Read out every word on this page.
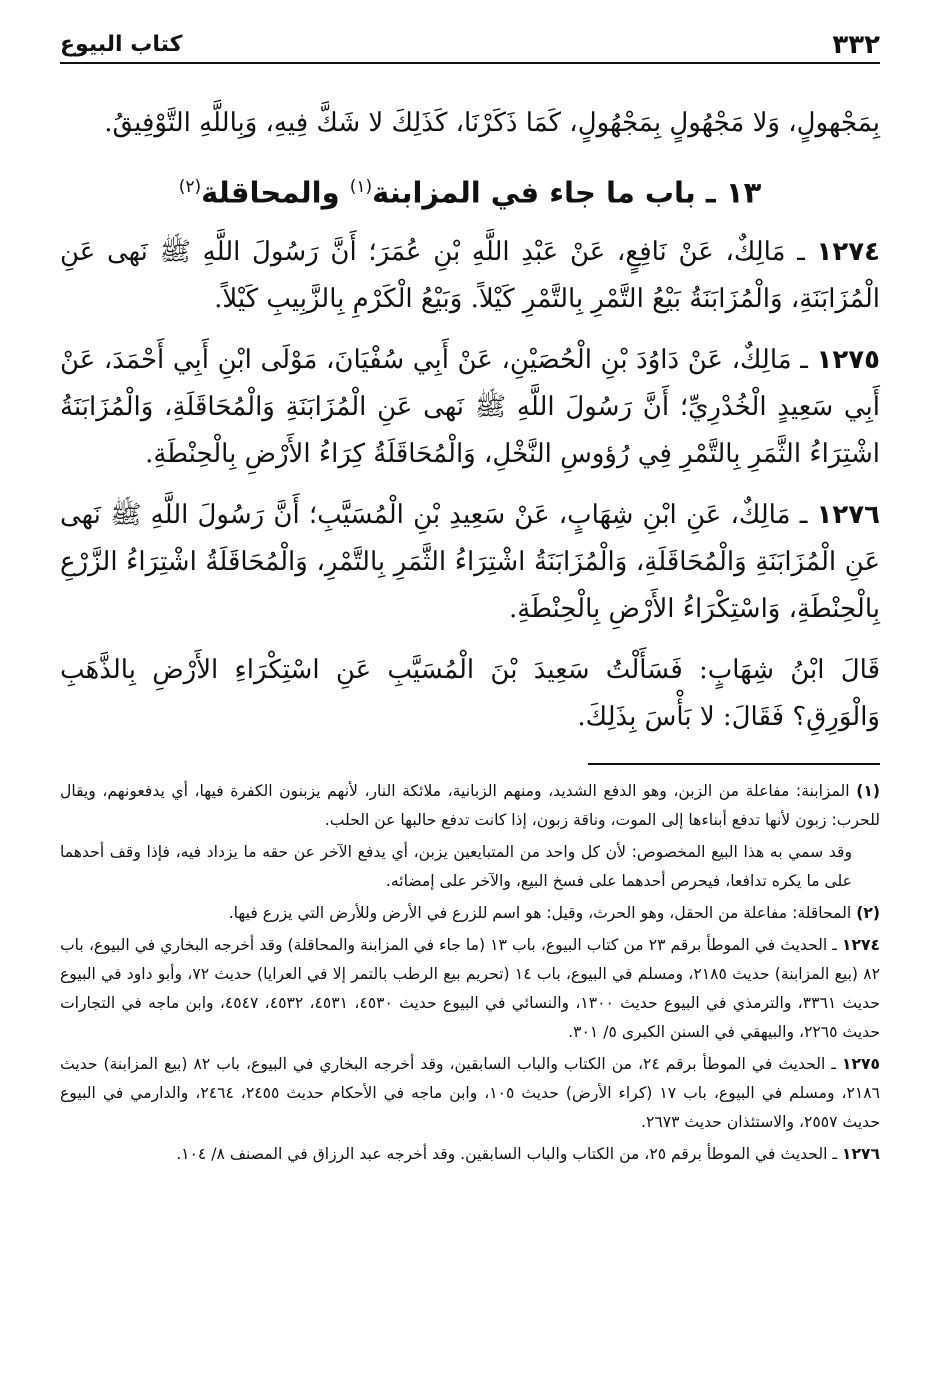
٣٣٢
كتاب البيوع

بِمَجْهولٍ، وَلا مَجْهُولٍ بِمَجْهُولٍ، كَمَا ذَكَرْنَا، كَذَلِكَ لا شَكَّ فِيهِ، وَبِاللَّهِ التَّوْفِيقُ.

١٣ ـ باب ما جاء في المزابنة$^{(١)}$ والمحاقلة$^{(٢)}$

١٢٧٤ ـ مَالِكٌ، عَنْ نَافِعٍ، عَنْ عَبْدِ اللَّهِ بْنِ عُمَرَ؛ أَنَّ رَسُولَ اللَّهِ ﷺ نَهى عَنِ الْمُزَابَنَةِ، وَالْمُزَابَنَةُ بَيْعُ التَّمْرِ بِالتَّمْرِ كَيْلاً. وَبَيْعُ الْكَرْمِ بِالزَّبِيبِ كَيْلاً.

١٢٧٥ ـ مَالِكٌ، عَنْ دَاوُدَ بْنِ الْحُصَيْنِ، عَنْ أَبِي سُفْيَانَ، مَوْلَى ابْنِ أَبِي أَحْمَدَ، عَنْ أَبِي سَعِيدٍ الْخُدْرِيِّ؛ أَنَّ رَسُولَ اللَّهِ ﷺ نَهى عَنِ الْمُزَابَنَةِ وَالْمُحَاقَلَةِ، وَالْمُزَابَنَةُ اشْتِرَاءُ الثَّمَرِ بِالتَّمْرِ فِي رُؤوسِ النَّخْلِ، وَالْمُحَاقَلَةُ كِرَاءُ الأَرْضِ بِالْحِنْطَةِ.

١٢٧٦ ـ مَالِكٌ، عَنِ ابْنِ شِهَابٍ، عَنْ سَعِيدِ بْنِ الْمُسَيَّبِ؛ أَنَّ رَسُولَ اللَّهِ ﷺ نَهى عَنِ الْمُزَابَنَةِ وَالْمُحَاقَلَةِ، وَالْمُزَابَنَةُ اشْتِرَاءُ الثَّمَرِ بِالتَّمْرِ، وَالْمُحَاقَلَةُ اشْتِرَاءُ الزَّرْعِ بِالْحِنْطَةِ، وَاسْتِكْرَاءُ الأَرْضِ بِالْحِنْطَةِ.

قَالَ ابْنُ شِهَابٍ: فَسَأَلْتُ سَعِيدَ بْنَ الْمُسَيَّبِ عَنِ اسْتِكْرَاءِ الأَرْضِ بِالذَّهَبِ وَالْوَرِقِ؟ فَقَالَ: لا بَأْسَ بِذَلِكَ.

(١) المزابنة: مفاعلة من الزبن، وهو الدفع الشديد، ومنهم الزبانية، ملائكة النار، لأنهم يزبنون الكفرة فيها، أي يدفعونهم، ويقال للحرب: زبون لأنها تدفع أبناءها إلى الموت، وناقة زبون، إذا كانت تدفع حالبها عن الحلب.

وقد سمي به هذا البيع المخصوص: لأن كل واحد من المتبايعين يزبن، أي يدفع الآخر عن حقه ما يزداد فيه، فإذا وقف أحدهما على ما يكره تدافعا، فيحرص أحدهما على فسخ البيع، والآخر على إمضائه.

(٢) المحاقلة: مفاعلة من الحقل، وهو الحرث، وقيل: هو اسم للزرع في الأرض وللأرض التي يزرع فيها.

١٢٧٤ ـ الحديث في الموطأ برقم ٢٣ من كتاب البيوع، باب ١٣ (ما جاء في المزابنة والمحاقلة) وقد أخرجه البخاري في البيوع، باب ٨٢ (بيع المزابنة) حديث ٢١٨٥، ومسلم في البيوع، باب ١٤ (تحريم بيع الرطب بالتمر إلا في العرايا) حديث ٧٢، وأبو داود في البيوع حديث ٣٣٦١، والترمذي في البيوع حديث ١٣٠٠، والنسائي في البيوع حديث ٤٥٣٠، ٤٥٣١، ٤٥٣٢، ٤٥٤٧، وابن ماجه في التجارات حديث ٢٢٦٥، والبيهقي في السنن الكبرى ٥/ ٣٠١.

١٢٧٥ ـ الحديث في الموطأ برقم ٢٤، من الكتاب والباب السابقين، وقد أخرجه البخاري في البيوع، باب ٨٢ (بيع المزابنة) حديث ٢١٨٦، ومسلم في البيوع، باب ١٧ (كراء الأرض) حديث ١٠٥، وابن ماجه في الأحكام حديث ٢٤٥٥، ٢٤٦٤، والدارمي في البيوع حديث ٢٥٥٧، والاستئذان حديث ٢٦٧٣.

١٢٧٦ ـ الحديث في الموطأ برقم ٢٥، من الكتاب والباب السابقين. وقد أخرجه عبد الرزاق في المصنف ٨/ ١٠٤.
